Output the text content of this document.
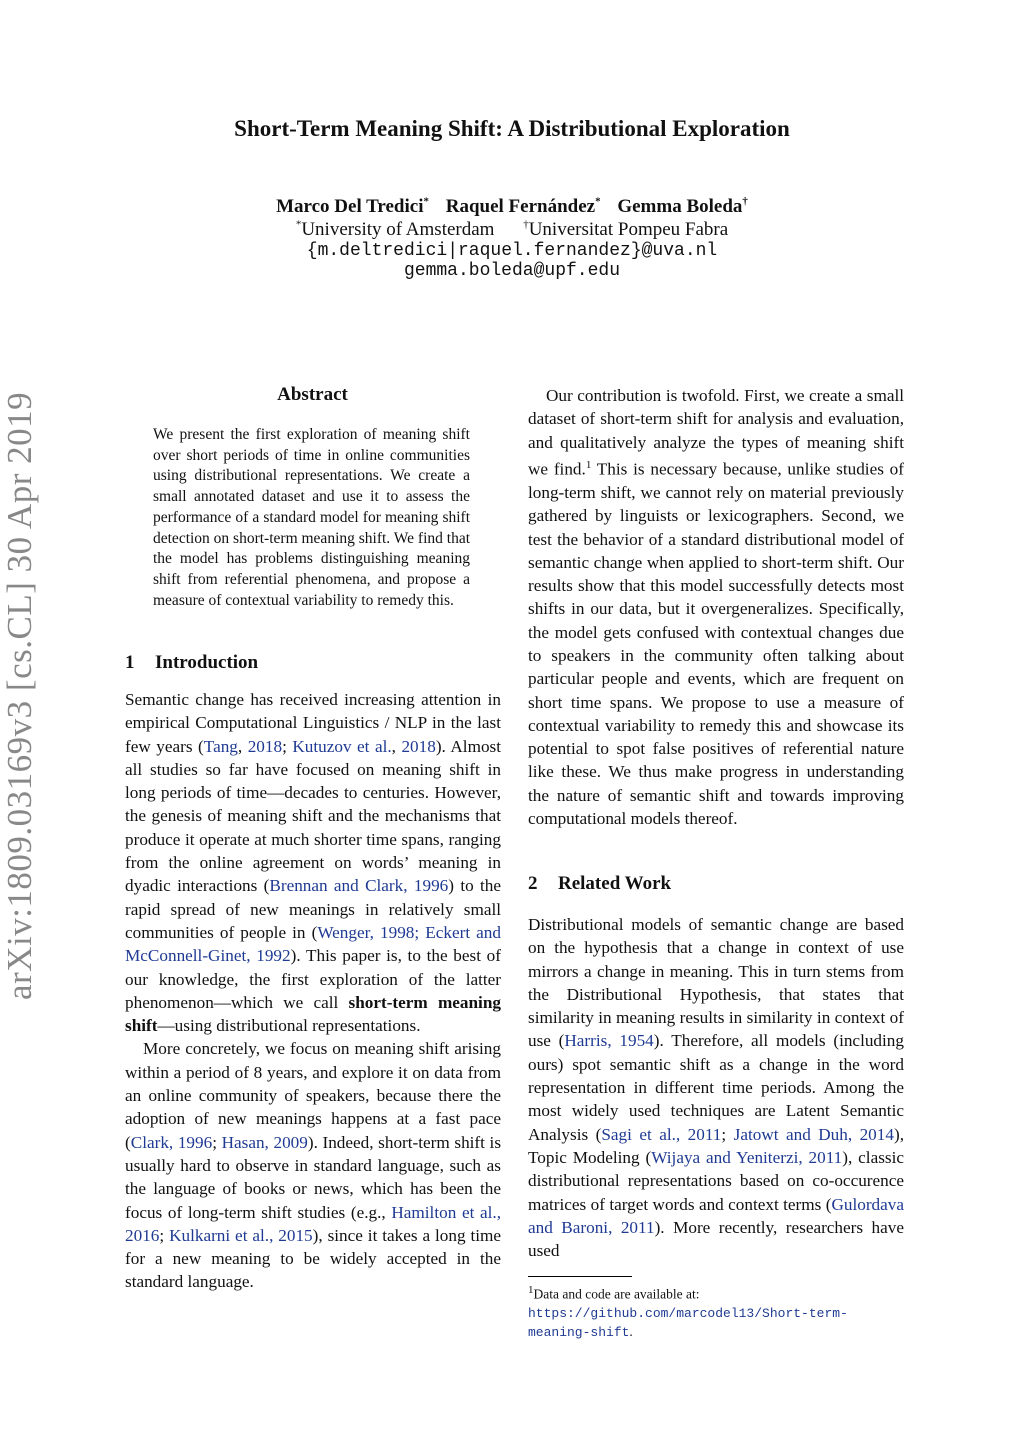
arXiv:1809.03169v3 [cs.CL] 30 Apr 2019
Short-Term Meaning Shift: A Distributional Exploration
Marco Del Tredici* Raquel Fernández* Gemma Boleda†
*University of Amsterdam	†Universitat Pompeu Fabra
{m.deltredici|raquel.fernandez}@uva.nl
gemma.boleda@upf.edu
Abstract
We present the first exploration of meaning shift over short periods of time in online communities using distributional representations. We create a small annotated dataset and use it to assess the performance of a standard model for meaning shift detection on short-term meaning shift. We find that the model has problems distinguishing meaning shift from referential phenomena, and propose a measure of contextual variability to remedy this.
1 Introduction

Semantic change has received increasing attention in empirical Computational Linguistics / NLP in the last few years (Tang, 2018; Kutuzov et al., 2018). Almost all studies so far have focused on meaning shift in long periods of time—decades to centuries. However, the genesis of meaning shift and the mechanisms that produce it operate at much shorter time spans, ranging from the online agreement on words’ meaning in dyadic interactions (Brennan and Clark, 1996) to the rapid spread of new meanings in relatively small communities of people in (Wenger, 1998; Eckert and McConnell-Ginet, 1992). This paper is, to the best of our knowledge, the first exploration of the latter phenomenon—which we call short-term meaning shift—using distributional representations.

More concretely, we focus on meaning shift arising within a period of 8 years, and explore it on data from an online community of speakers, because there the adoption of new meanings happens at a fast pace (Clark, 1996; Hasan, 2009). Indeed, short-term shift is usually hard to observe in standard language, such as the language of books or news, which has been the focus of long-term shift studies (e.g., Hamilton et al., 2016; Kulkarni et al., 2015), since it takes a long time for a new meaning to be widely accepted in the standard language.

Our contribution is twofold. First, we create a small dataset of short-term shift for analysis and evaluation, and qualitatively analyze the types of meaning shift we find.$^1$ This is necessary because, unlike studies of long-term shift, we cannot rely on material previously gathered by linguists or lexicographers. Second, we test the behavior of a standard distributional model of semantic change when applied to short-term shift. Our results show that this model successfully detects most shifts in our data, but it overgeneralizes. Specifically, the model gets confused with contextual changes due to speakers in the community often talking about particular people and events, which are frequent on short time spans. We propose to use a measure of contextual variability to remedy this and showcase its potential to spot false positives of referential nature like these. We thus make progress in understanding the nature of semantic shift and towards improving computational models thereof.

2 Related Work

Distributional models of semantic change are based on the hypothesis that a change in context of use mirrors a change in meaning. This in turn stems from the Distributional Hypothesis, that states that similarity in meaning results in similarity in context of use (Harris, 1954). Therefore, all models (including ours) spot semantic shift as a change in the word representation in different time periods. Among the most widely used techniques are Latent Semantic Analysis (Sagi et al., 2011; Jatowt and Duh, 2014), Topic Modeling (Wijaya and Yeniterzi, 2011), classic distributional representations based on co-occurence matrices of target words and context terms (Gulordava and Baroni, 2011). More recently, researchers have used

$^1$Data and code are available at: https://github.com/marcodel13/Short-term-meaning-shift.
